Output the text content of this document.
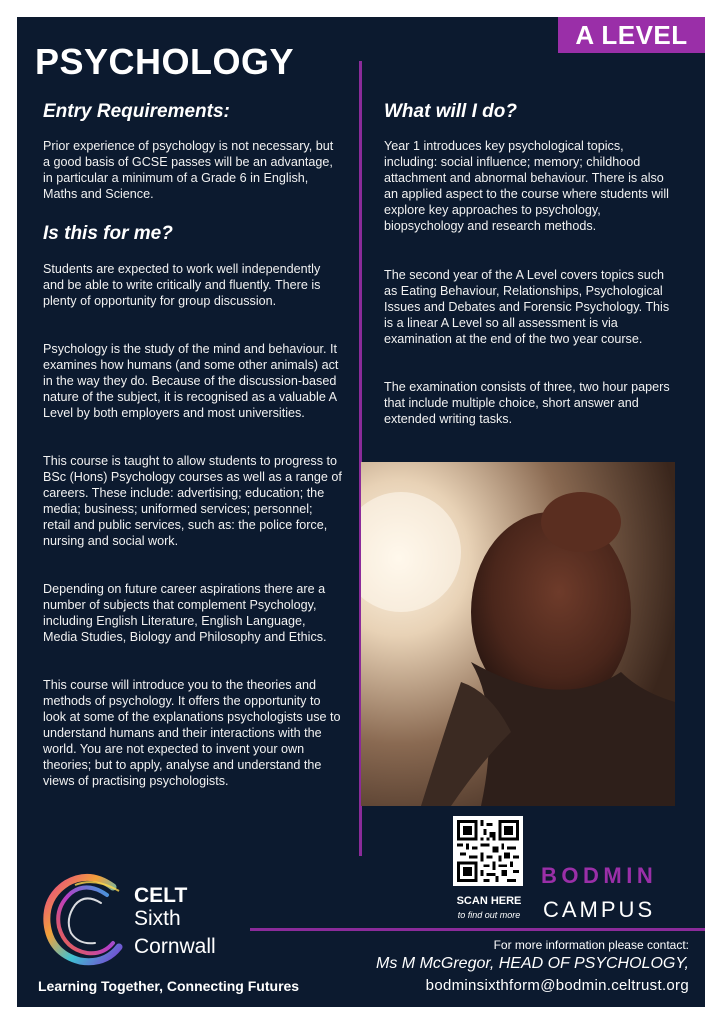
A LEVEL
PSYCHOLOGY
Entry Requirements:

Prior experience of psychology is not necessary, but a good basis of GCSE passes will be an advantage, in particular a minimum of a Grade 6 in English, Maths and Science.

Is this for me?

Students are expected to work well independently and be able to write critically and fluently. There is plenty of opportunity for group discussion.

Psychology is the study of the mind and behaviour. It examines how humans (and some other animals) act in the way they do. Because of the discussion-based nature of the subject, it is recognised as a valuable A Level by both employers and most universities.

This course is taught to allow students to progress to BSc (Hons) Psychology courses as well as a range of careers. These include: advertising; education; the media; business; uniformed services; personnel; retail and public services, such as: the police force, nursing and social work.

Depending on future career aspirations there are a number of subjects that complement Psychology, including English Literature, English Language, Media Studies, Biology and Philosophy and Ethics.

This course will introduce you to the theories and methods of psychology. It offers the opportunity to look at some of the explanations psychologists use to understand humans and their interactions with the world. You are not expected to invent your own theories; but to apply, analyse and understand the views of practising psychologists.

What will I do?

Year 1 introduces key psychological topics, including: social influence; memory; childhood attachment and abnormal behaviour. There is also an applied aspect to the course where students will explore key approaches to psychology, biopsychology and research methods.

The second year of the A Level covers topics such as Eating Behaviour, Relationships, Psychological Issues and Debates and Forensic Psychology. This is a linear A Level so all assessment is via examination at the end of the two year course.

The examination consists of three, two hour papers that include multiple choice, short answer and extended writing tasks.

SCAN HERE
to find out more
BODMIN
CAMPUS
For more information please contact:
Ms M McGregor, HEAD OF PSYCHOLOGY,
bodminsixthform@bodmin.celtrust.org
CELT
Sixth
Cornwall
Learning Together, Connecting Futures
